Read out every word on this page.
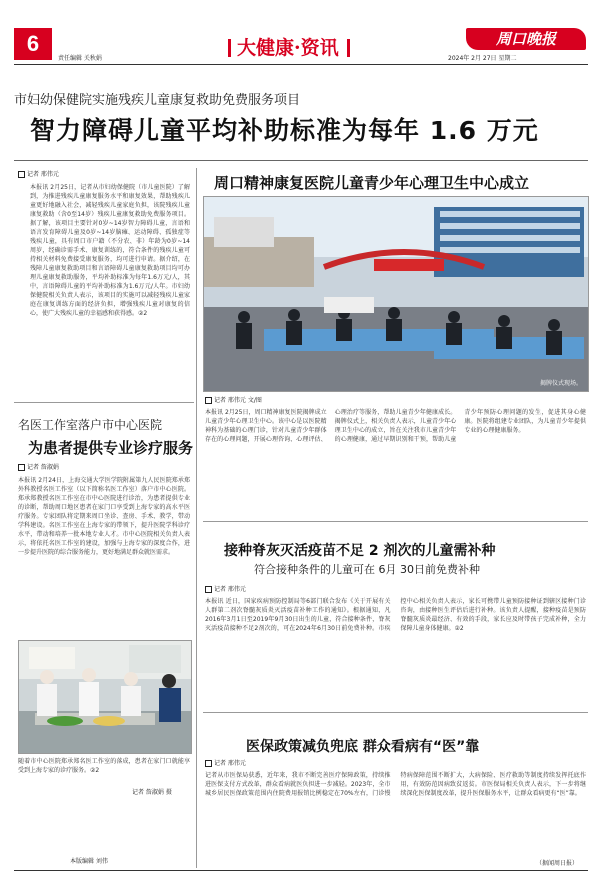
6
责任编辑 关秋娟	大健康·资讯	周口晚报
2024年 2月 27日 星期二
市妇幼保健院实施残疾儿童康复救助免费服务项目
智力障碍儿童平均补助标准为每年 1.6 万元
记者 邢伟元
本报讯 2月25日，记者从市妇幼保健院（市儿童医院）了解到，为推进残疾儿童康复服务水平和康复效果，帮助残疾儿童更好地融入社会，减轻残疾儿童家庭负担，该院残疾儿童康复救助（含0至14岁）残疾儿童康复救助免费服务项目。据了解，该项目主要针对0岁~14岁智力障碍儿童，言语和语言发育障碍儿童及0岁~14岁脑瘫、运动障碍、孤独症等残疾儿童，具有周口市户籍（不分农、非）年龄为0岁~14周岁，经确诊需手术、康复训练的，符合条件的残疾儿童可持相关材料免费接受康复服务，均可进行申请。据介绍，在残障儿童康复救助项目和言语障碍儿童康复救助项目均可办理儿童康复救助服务，平均补助标准为每年1.6万元/人，其中，言语障碍儿童的平均补助标准为1.6万元/人年。市妇幼保健院相关负责人表示，该项目的实施可以减轻残疾儿童家庭在康复训练方面的经济负担，增强残疾儿童对康复的信心，使广大残疾儿童的幸福感和获得感。②2
名医工作室落户市中心医院
为患者提供专业诊疗服务
记者 詹淑娟
本报讯 2月24日，上海交通大学医学院附属第九人民医院郑承郑外科教授名医工作室（以下简称名医工作室）落户市中心医院。郑承郑教授名医工作室在市中心医院进行诊治，为患者提供专业的诊断，帮助周口地区患者在家门口享受到上海专家的高水平医疗服务。专家团队将定期来周口坐诊、查房、手术、教学，带动学科建设。名医工作室在上海专家的带领下，提升医院学科诊疗水平，带动和培养一批本地专业人才。市中心医院相关负责人表示，将依托名医工作室的建设，加强与上海专家的深度合作，进一步提升医院的综合服务能力，更好地满足群众就医需求。
随着市中心医院郑承郑名医工作室的落成，患者在家门口就能享受到上海专家的诊疗服务。②2
记者 詹淑娟 摄
周口精神康复医院儿童青少年心理卫生中心成立
揭牌仪式现场。
记者 邢伟元 文/图
本报讯 2月25日，周口精神康复医院揭牌成立儿童青少年心理卫生中心。该中心是以医院精神科为基础的心理门诊，针对儿童青少年群体存在的心理问题，开展心理咨询、心理评估、心理治疗等服务，帮助儿童青少年健康成长。揭牌仪式上，相关负责人表示，儿童青少年心理卫生中心的成立，旨在关注我市儿童青少年的心理健康，通过早期识别和干预，帮助儿童青少年预防心理问题的发生，促进其身心健康。医院将组建专业团队，为儿童青少年提供专业的心理健康服务。
接种脊灰灭活疫苗不足 2 剂次的儿童需补种
符合接种条件的儿童可在 6月 30日前免费补种
记者 邢伟元
本报讯 近日，国家疾病预防控制局等6部门联合发布《关于开展有关人群第二剂次脊髓灰质炎灭活疫苗补种工作的通知》。根据通知，凡2016年3月1日至2019年9月30日出生的儿童，符合接种条件，脊灰灭活疫苗接种不足2剂次的，可在2024年6月30日前免费补种。市疾控中心相关负责人表示，家长可携带儿童预防接种证到辖区接种门诊咨询，由接种医生评估后进行补种。该负责人提醒，接种疫苗是预防脊髓灰质炎最经济、有效的手段，家长应及时带孩子完成补种，全力保障儿童身体健康。②2
医保政策减负兜底 群众看病有“医”靠
记者 邢伟元
记者从市医保局获悉，近年来，我市不断完善医疗保障政策，持续推进医保支付方式改革，群众看病就医负担进一步减轻。2023年，全市城乡居民医保政策范围内住院费用报销比例稳定在70%左右，门诊慢特病保障范围不断扩大，大病保险、医疗救助等制度持续发挥托底作用，有效防范因病致贫返贫。市医保局相关负责人表示，下一步将继续深化医保制度改革，提升医保服务水平，让群众看病更有“医”靠。
（据闻周日报）
本版编辑 刘伟
